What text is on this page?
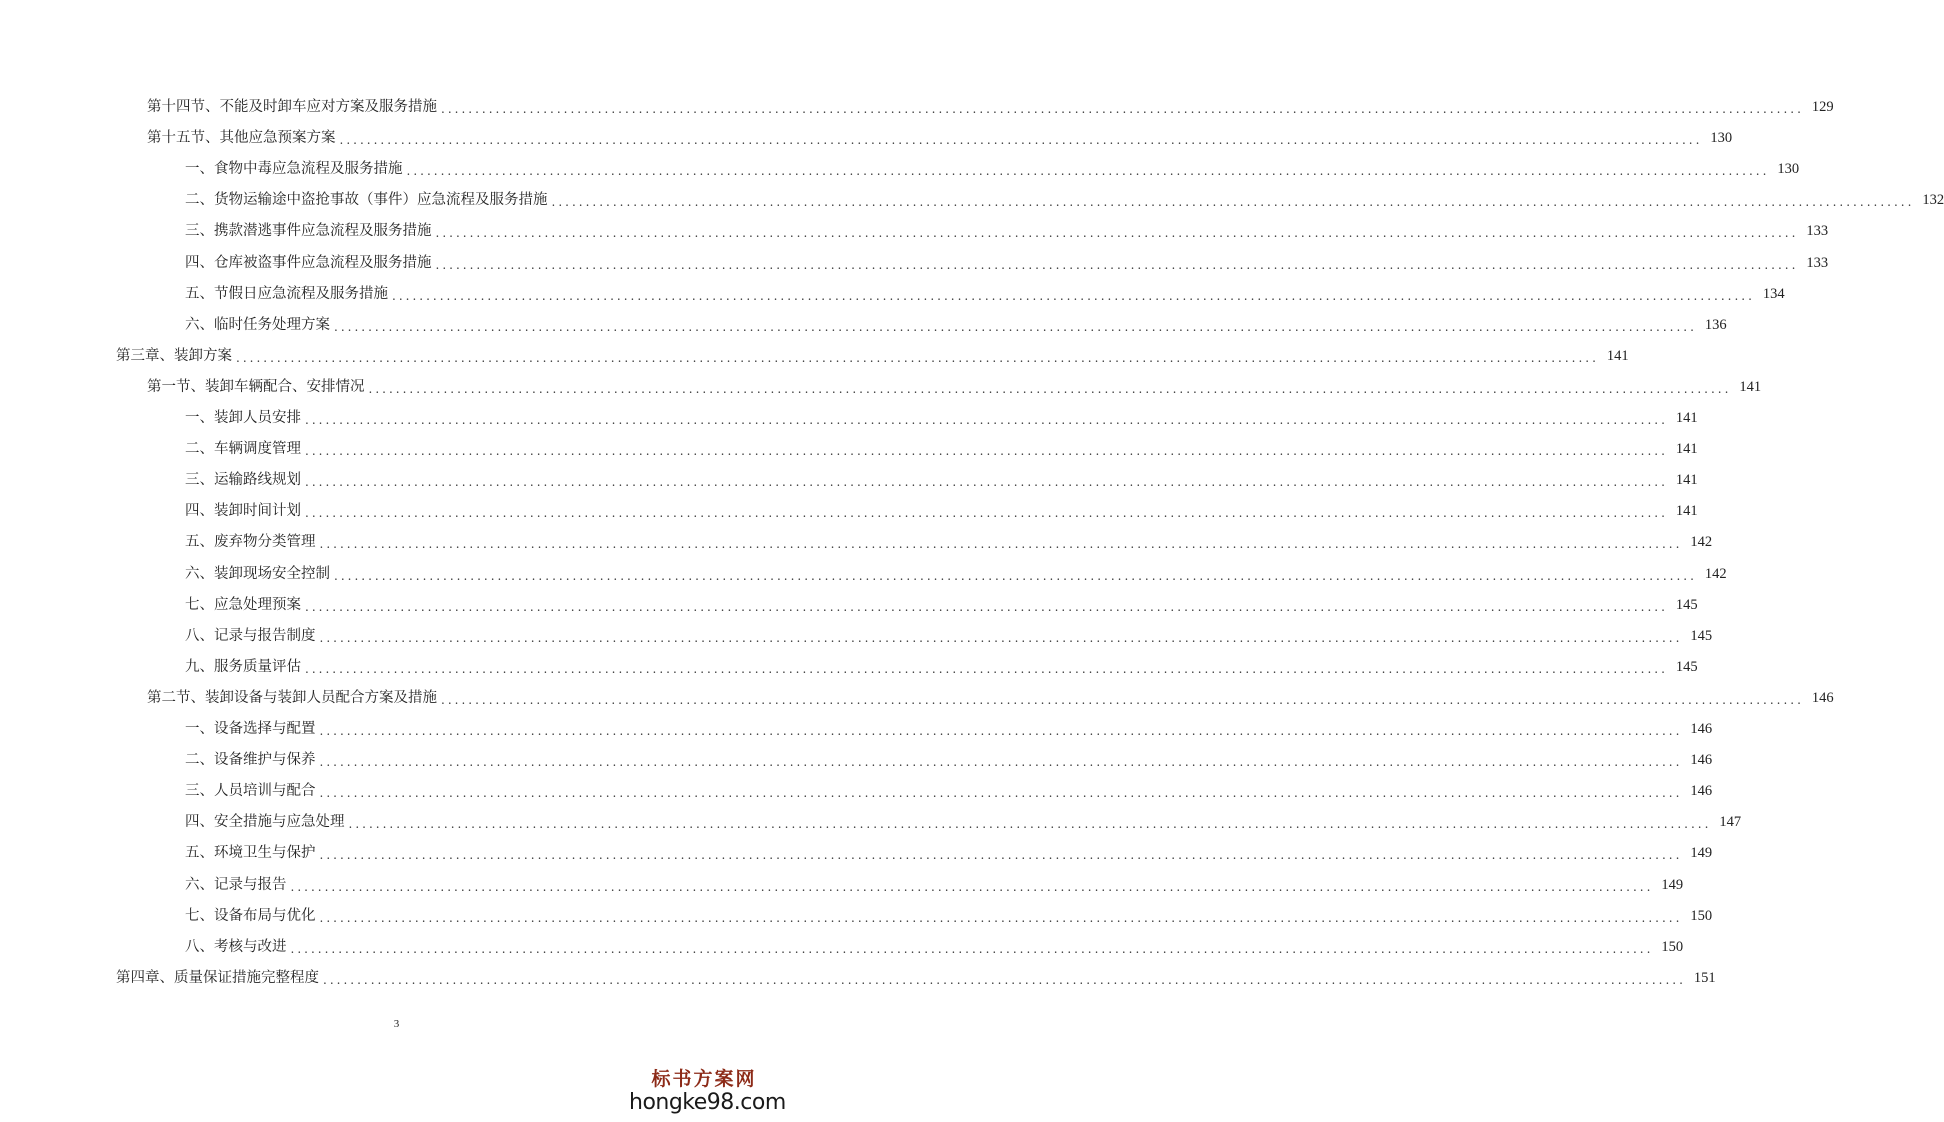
第十四节、不能及时卸车应对方案及服务措施 ........................................................................................................................................................................................................ 129
第十五节、其他应急预案方案 ........................................................................................................................................................................................................ 130
一、食物中毒应急流程及服务措施 ........................................................................................................................................................................................................ 130
二、货物运输途中盗抢事故（事件）应急流程及服务措施 ........................................................................................................................................................................................................ 132
三、携款潜逃事件应急流程及服务措施 ........................................................................................................................................................................................................ 133
四、仓库被盗事件应急流程及服务措施 ........................................................................................................................................................................................................ 133
五、节假日应急流程及服务措施 ........................................................................................................................................................................................................ 134
六、临时任务处理方案 ........................................................................................................................................................................................................ 136
第三章、装卸方案 ........................................................................................................................................................................................................ 141
第一节、装卸车辆配合、安排情况 ........................................................................................................................................................................................................ 141
一、装卸人员安排 ........................................................................................................................................................................................................ 141
二、车辆调度管理 ........................................................................................................................................................................................................ 141
三、运输路线规划 ........................................................................................................................................................................................................ 141
四、装卸时间计划 ........................................................................................................................................................................................................ 141
五、废弃物分类管理 ........................................................................................................................................................................................................ 142
六、装卸现场安全控制 ........................................................................................................................................................................................................ 142
七、应急处理预案 ........................................................................................................................................................................................................ 145
八、记录与报告制度 ........................................................................................................................................................................................................ 145
九、服务质量评估 ........................................................................................................................................................................................................ 145
第二节、装卸设备与装卸人员配合方案及措施 ........................................................................................................................................................................................................ 146
一、设备选择与配置 ........................................................................................................................................................................................................ 146
二、设备维护与保养 ........................................................................................................................................................................................................ 146
三、人员培训与配合 ........................................................................................................................................................................................................ 146
四、安全措施与应急处理 ........................................................................................................................................................................................................ 147
五、环境卫生与保护 ........................................................................................................................................................................................................ 149
六、记录与报告 ........................................................................................................................................................................................................ 149
七、设备布局与优化 ........................................................................................................................................................................................................ 150
八、考核与改进 ........................................................................................................................................................................................................ 150
第四章、质量保证措施完整程度 ........................................................................................................................................................................................................ 151
3
标书方案网
hongke98.com
